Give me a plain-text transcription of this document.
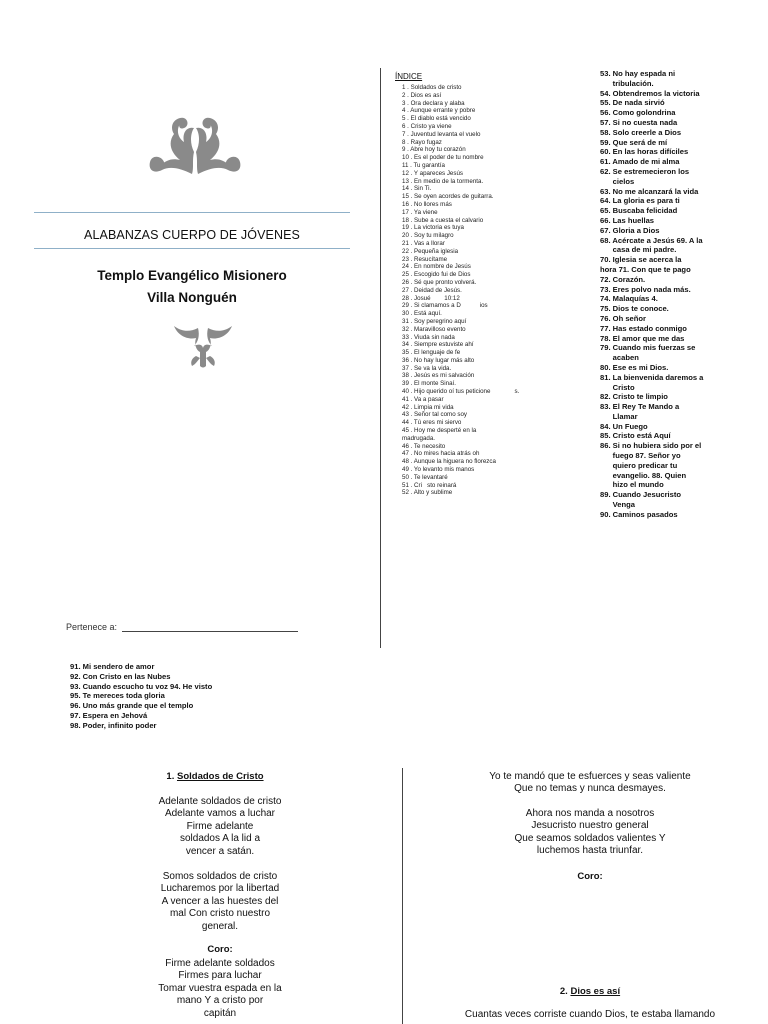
ALABANZAS CUERPO DE JÓVENES
Templo Evangélico Misionero
Villa Nonguén
Pertenece a:
ÍNDICE
1 . Soldados de cristo
2 . Dios es así
3 . Ora declara y alaba
4 . Aunque errante y pobre
5 . El diablo está vencido
6 . Cristo ya viene
7 . Juventud levanta el vuelo
8 . Rayo fugaz
9 . Abre hoy tu corazón
10 . Es el poder de tu nombre
11 . Tu garantía
12 . Y apareces Jesús
13 . En medio de la tormenta.
14 . Sin Ti.
15 . Se oyen acordes de guitarra.
16 . No llores más
17 . Ya viene
18 . Sube a cuesta el calvario
19 . La victoria es tuya
20 . Soy tu milagro
21 . Vas a llorar
22 . Pequeña iglesia
23 . Resucítame
24 . En nombre de Jesús
25 . Escogido fui de Dios
26 . Sé que pronto volverá.
27 . Deidad de Jesús.
28 . Josué        10:12
29 . Si clamamos a D           ios
30 . Está aquí.
31 . Soy peregrino aquí
32 . Maravilloso evento
33 . Viuda sin nada
34 . Siempre estuviste ahí
35 . El lenguaje de fe
36 . No hay lugar más alto
37 . Se va la vida.
38 . Jesús es mi salvación
39 . El monte Sinaí.
40 . Hijo querido oí tus peticione              s.
41 . Va a pasar
42 . Limpia mi vida
43 . Señor tal como soy
44 . Tú eres mi siervo
45 . Hoy me desperté en la
madrugada.
46 . Te necesito
47 . No mires hacia atrás oh
48 . Aunque la higuera no florezca
49 . Yo levanto mis manos
50 . Te levantaré
51 . Cri   sto reinará
52 . Alto y sublime
53. No hay espada ni
tribulación.
54. Obtendremos la victoria
55. De nada sirvió
56. Como golondrina
57. Si no cuesta nada
58. Solo creerle a Dios
59. Que será de mí
60. En las horas difíciles
61. Amado de mi alma
62. Se estremecieron los
cielos
63. No me alcanzará la vida
64. La gloria es para ti
65. Buscaba felicidad
66. Las huellas
67. Gloria a Dios
68. Acércate a Jesús 69. A la
casa de mi padre.
70. Iglesia se acerca la
hora 71. Con que te pago
72. Corazón.
73. Eres polvo nada más.
74. Malaquías 4.
75. Dios te conoce.
76. Oh señor
77. Has estado conmigo
78. El amor que me das
79. Cuando mis fuerzas se
acaben
80. Ese es mi Dios.
81. La bienvenida daremos a
Cristo
82. Cristo te limpio
83. El Rey Te Mando a
Llamar
84. Un Fuego
85. Cristo está Aquí
86. Si no hubiera sido por el
fuego 87. Señor yo
quiero predicar tu
evangelio. 88. Quien
hizo el mundo
89. Cuando Jesucristo
Venga
90. Caminos pasados
91. Mi sendero de amor
92. Con Cristo en las Nubes
93. Cuando escucho tu voz 94. He visto
95. Te mereces toda gloria
96. Uno más grande que el templo
97. Espera en Jehová
98. Poder, infinito poder
1. Soldados de Cristo
Adelante soldados de cristo
Adelante vamos a luchar
Firme adelante
soldados A la lid a
vencer a satán.
Somos soldados de cristo
Lucharemos por la libertad
A vencer a las huestes del
mal Con cristo nuestro
general.
Coro:
Firme adelante soldados
Firmes para luchar
Tomar vuestra espada en la
mano Y a cristo por
capitán
Yo te mandó que te esfuerces y seas valiente
Que no temas y nunca desmayes.
Ahora nos manda a nosotros
Jesucristo nuestro general
Que seamos soldados valientes Y
luchemos hasta triunfar.
Coro:
2. Dios es así
Cuantas veces corriste cuando Dios, te estaba llamando
